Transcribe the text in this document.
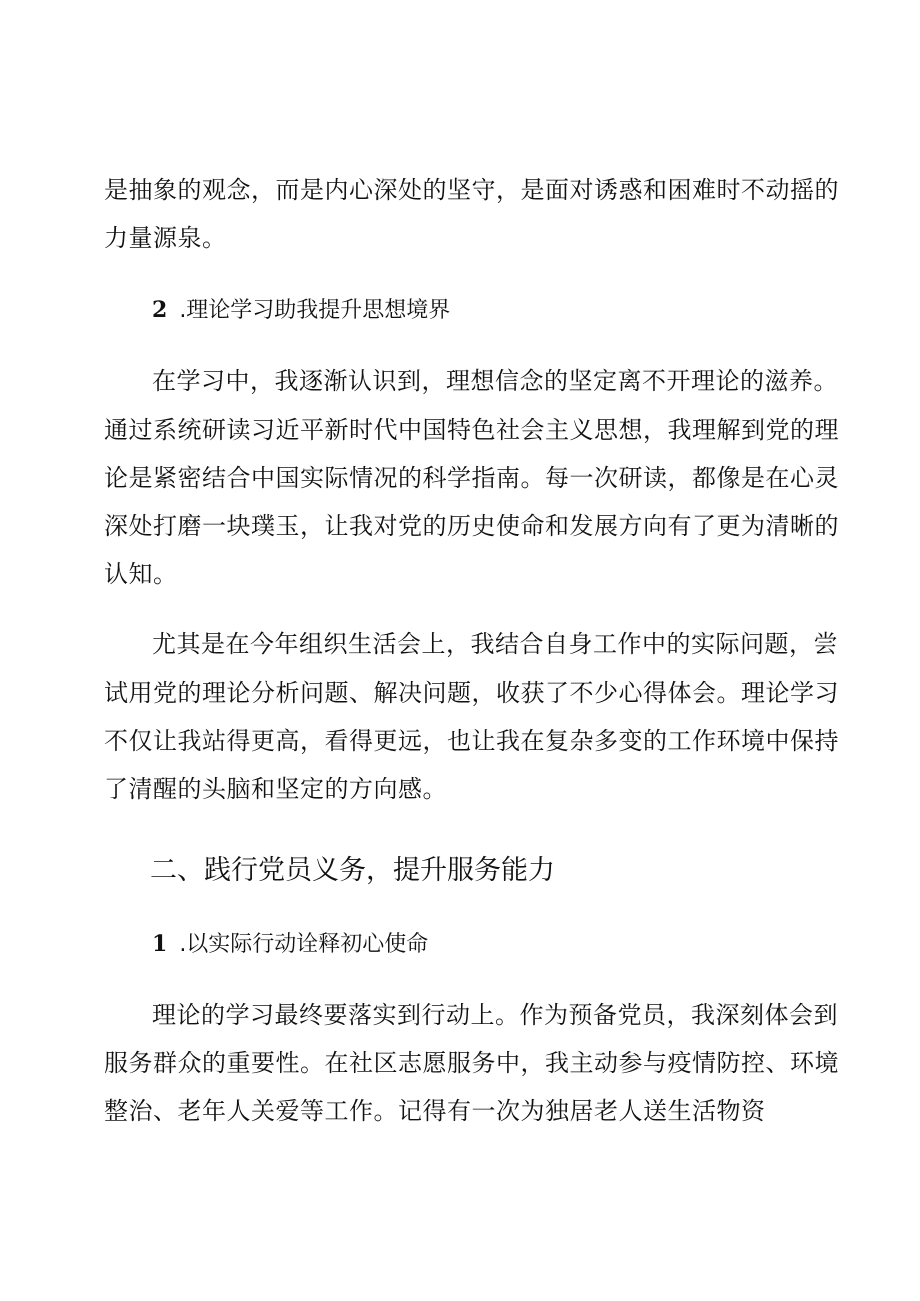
是抽象的观念，而是内心深处的坚守，是面对诱惑和困难时不动摇的
力量源泉。
2 .理论学习助我提升思想境界
在学习中，我逐渐认识到，理想信念的坚定离不开理论的滋养。
通过系统研读习近平新时代中国特色社会主义思想，我理解到党的理
论是紧密结合中国实际情况的科学指南。每一次研读，都像是在心灵
深处打磨一块璞玉，让我对党的历史使命和发展方向有了更为清晰的
认知。
尤其是在今年组织生活会上，我结合自身工作中的实际问题，尝
试用党的理论分析问题、解决问题，收获了不少心得体会。理论学习
不仅让我站得更高，看得更远，也让我在复杂多变的工作环境中保持
了清醒的头脑和坚定的方向感。
二、践行党员义务，提升服务能力
1 .以实际行动诠释初心使命
理论的学习最终要落实到行动上。作为预备党员，我深刻体会到
服务群众的重要性。在社区志愿服务中，我主动参与疫情防控、环境
整治、老年人关爱等工作。记得有一次为独居老人送生活物资
